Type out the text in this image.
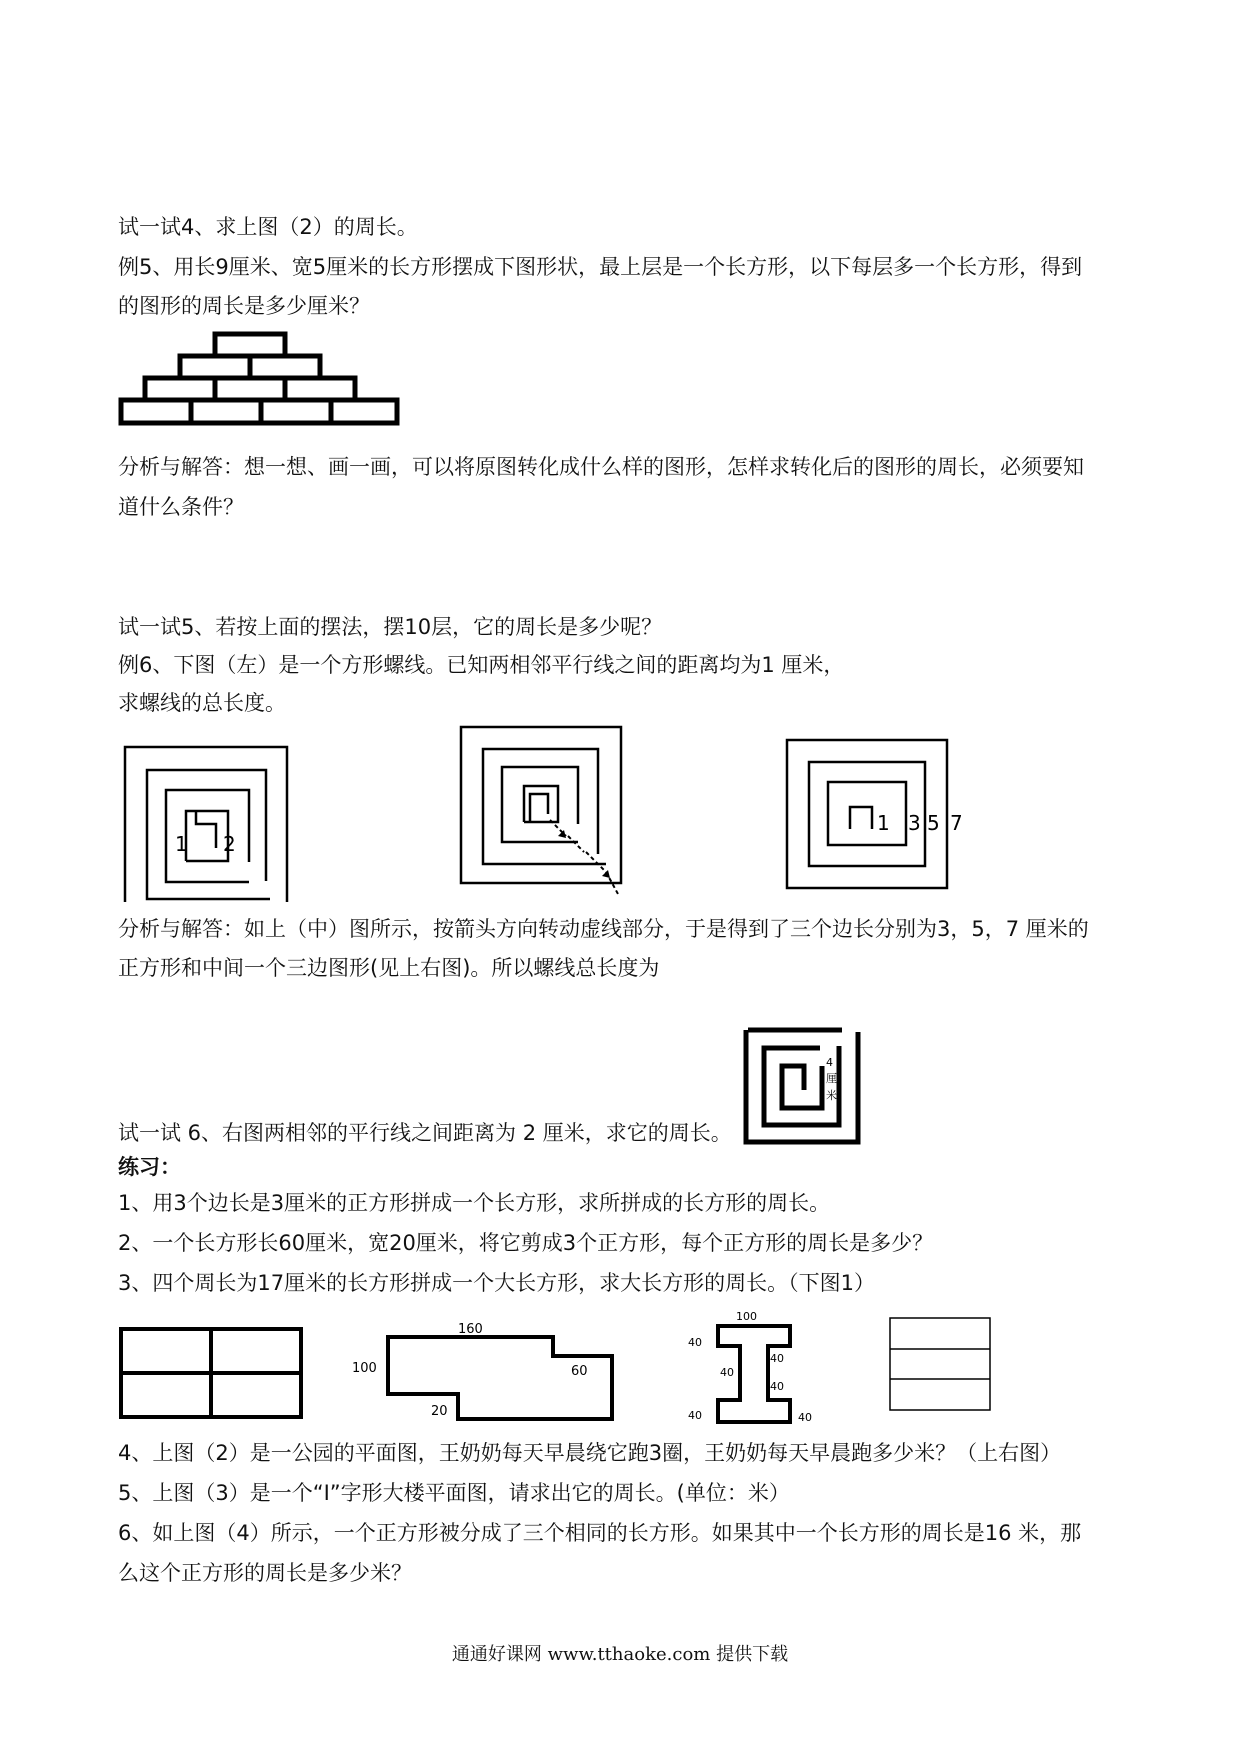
试一试4、求上图（2）的周长。
例5、用长9厘米、宽5厘米的长方形摆成下图形状，最上层是一个长方形，以下每层多一个长方形，得到
的图形的周长是多少厘米？
分析与解答：想一想、画一画，可以将原图转化成什么样的图形，怎样求转化后的图形的周长，必须要知
道什么条件？
试一试5、若按上面的摆法，摆10层，它的周长是多少呢？
例6、下图（左）是一个方形螺线。已知两相邻平行线之间的距离均为1 厘米，
求螺线的总长度。
1 2
1 3 5 7
分析与解答：如上（中）图所示，按箭头方向转动虚线部分，于是得到了三个边长分别为3，5，7 厘米的
正方形和中间一个三边图形(见上右图)。所以螺线总长度为
4
厘
米
试一试 6、右图两相邻的平行线之间距离为 2 厘米，求它的周长。
练习：
1、用3个边长是3厘米的正方形拼成一个长方形，求所拼成的长方形的周长。
2、一个长方形长60厘米，宽20厘米，将它剪成3个正方形，每个正方形的周长是多少？
3、四个周长为17厘米的长方形拼成一个大长方形，求大长方形的周长。（下图1）
160
100	60
20
100
40
40
40
40
40	40
4、上图（2）是一公园的平面图，王奶奶每天早晨绕它跑3圈，王奶奶每天早晨跑多少米？（上右图）
5、上图（3）是一个“I”字形大楼平面图，请求出它的周长。(单位：米）
6、如上图（4）所示，一个正方形被分成了三个相同的长方形。如果其中一个长方形的周长是16 米，那
么这个正方形的周长是多少米？
通通好课网 www.tthaoke.com 提供下载
